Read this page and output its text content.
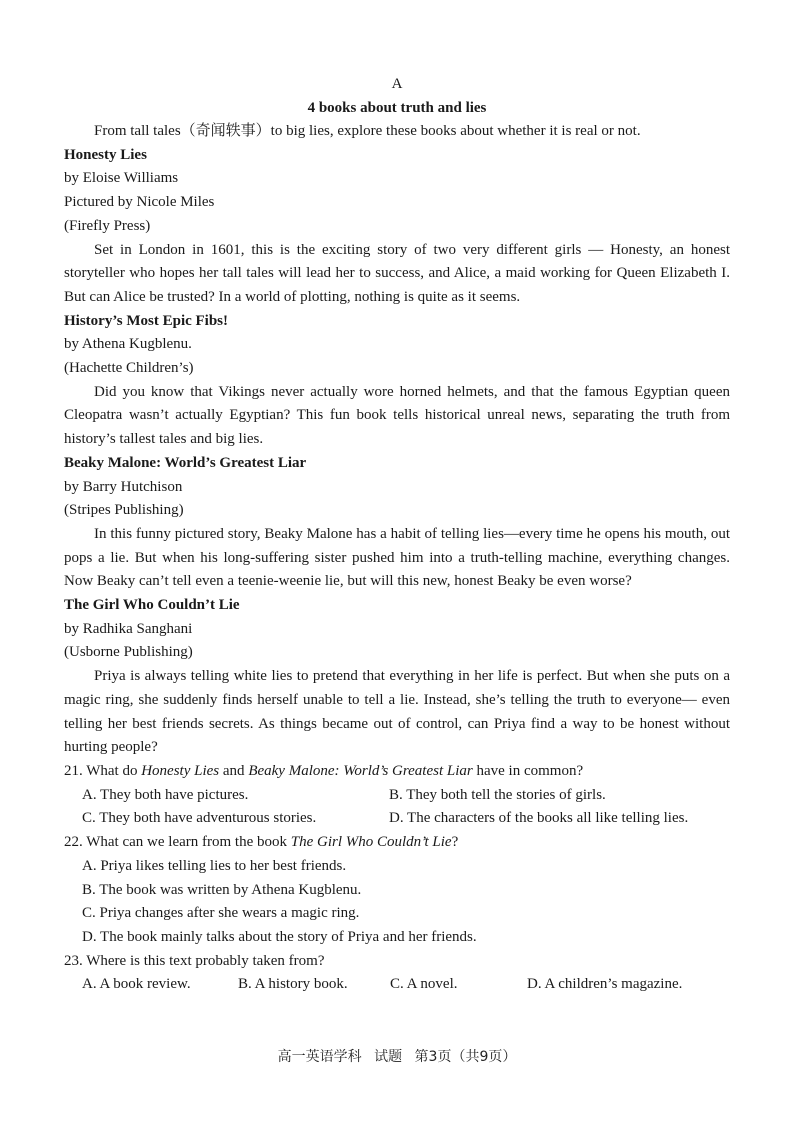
A

4 books about truth and lies

From tall tales（奇闻轶事）to big lies, explore these books about whether it is real or not.

Honesty Lies

by Eloise Williams

Pictured by Nicole Miles

(Firefly Press)

Set in London in 1601, this is the exciting story of two very different girls — Honesty, an honest storyteller who hopes her tall tales will lead her to success, and Alice, a maid working for Queen Elizabeth I. But can Alice be trusted? In a world of plotting, nothing is quite as it seems.

History’s Most Epic Fibs!

by Athena Kugblenu.

(Hachette Children’s)

Did you know that Vikings never actually wore horned helmets, and that the famous Egyptian queen Cleopatra wasn’t actually Egyptian? This fun book tells historical unreal news, separating the truth from history’s tallest tales and big lies.

Beaky Malone: World’s Greatest Liar

by Barry Hutchison

(Stripes Publishing)

In this funny pictured story, Beaky Malone has a habit of telling lies—every time he opens his mouth, out pops a lie. But when his long-suffering sister pushed him into a truth-telling machine, everything changes. Now Beaky can’t tell even a teenie-weenie lie, but will this new, honest Beaky be even worse?

The Girl Who Couldn’t Lie

by Radhika Sanghani

(Usborne Publishing)

Priya is always telling white lies to pretend that everything in her life is perfect. But when she puts on a magic ring, she suddenly finds herself unable to tell a lie. Instead, she’s telling the truth to everyone— even telling her best friends secrets. As things became out of control, can Priya find a way to be honest without hurting people?

21. What do Honesty Lies and Beaky Malone: World’s Greatest Liar have in common?

A. They both have pictures.	B. They both tell the stories of girls.
C. They both have adventurous stories.	D. The characters of the books all like telling lies.

22. What can we learn from the book The Girl Who Couldn’t Lie?

A. Priya likes telling lies to her best friends.
B. The book was written by Athena Kugblenu.
C. Priya changes after she wears a magic ring.
D. The book mainly talks about the story of Priya and her friends.

23. Where is this text probably taken from?

A. A book review.	B. A history book.	C. A novel.	D. A children’s magazine.
高一英语学科 试题 第3页（共9页）
